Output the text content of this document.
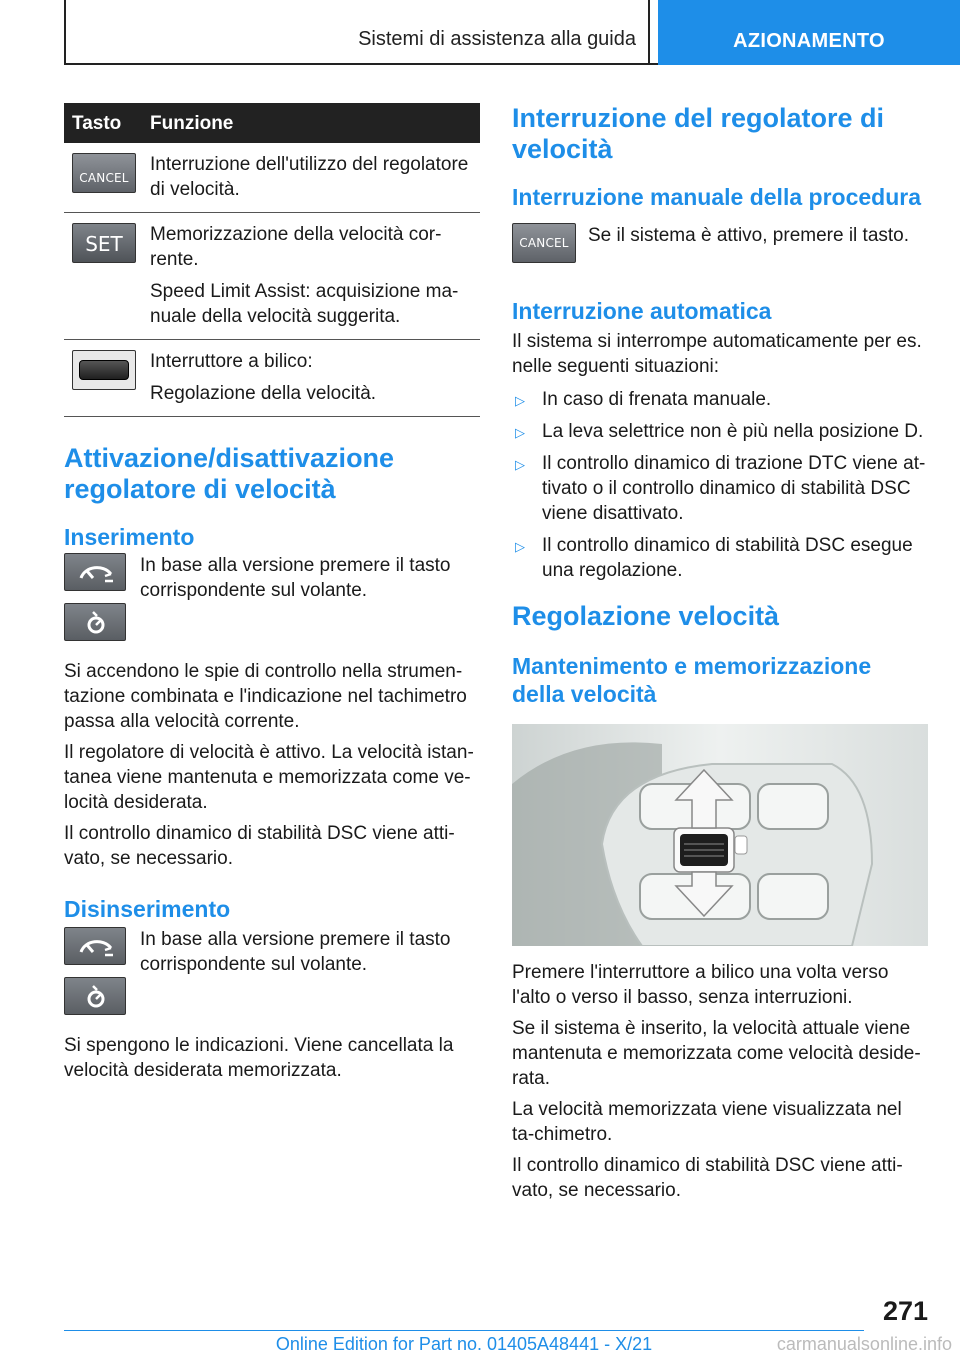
Sistemi di assistenza alla guida	AZIONAMENTO
Tasto	Funzione

CANCEL	Interruzione dell'utilizzo del regolatore di velocità.

SET	Memorizzazione della velocità cor-rente.

Speed Limit Assist: acquisizione ma-nuale della velocità suggerita.

	Interruttore a bilico:

Regolazione della velocità.

Attivazione/disattivazione regolatore di velocità
Inserimento

In base alla versione premere il tasto corrispondente sul volante.

Si accendono le spie di controllo nella strumen-tazione combinata e l'indicazione nel tachimetro passa alla velocità corrente.

Il regolatore di velocità è attivo. La velocità istan-tanea viene mantenuta e memorizzata come ve-locità desiderata.

Il controllo dinamico di stabilità DSC viene atti-vato, se necessario.

Disinserimento

In base alla versione premere il tasto corrispondente sul volante.

Si spengono le indicazioni. Viene cancellata la velocità desiderata memorizzata.

Interruzione del regolatore di velocità
Interruzione manuale della procedura
CANCEL	Se il sistema è attivo, premere il tasto.

Interruzione automatica

Il sistema si interrompe automaticamente per es. nelle seguenti situazioni:

▷ In caso di frenata manuale.
▷ La leva selettrice non è più nella posizione D.
▷ Il controllo dinamico di trazione DTC viene at-tivato o il controllo dinamico di stabilità DSC viene disattivato.
▷ Il controllo dinamico di stabilità DSC esegue una regolazione.
Regolazione velocità
Mantenimento e memorizzazione della velocità

Premere l'interruttore a bilico una volta verso l'alto o verso il basso, senza interruzioni.

Se il sistema è inserito, la velocità attuale viene mantenuta e memorizzata come velocità deside-rata.

La velocità memorizzata viene visualizzata nel ta-chimetro.

Il controllo dinamico di stabilità DSC viene atti-vato, se necessario.

271
Online Edition for Part no. 01405A48441 - X/21	carmanualsonline.info
